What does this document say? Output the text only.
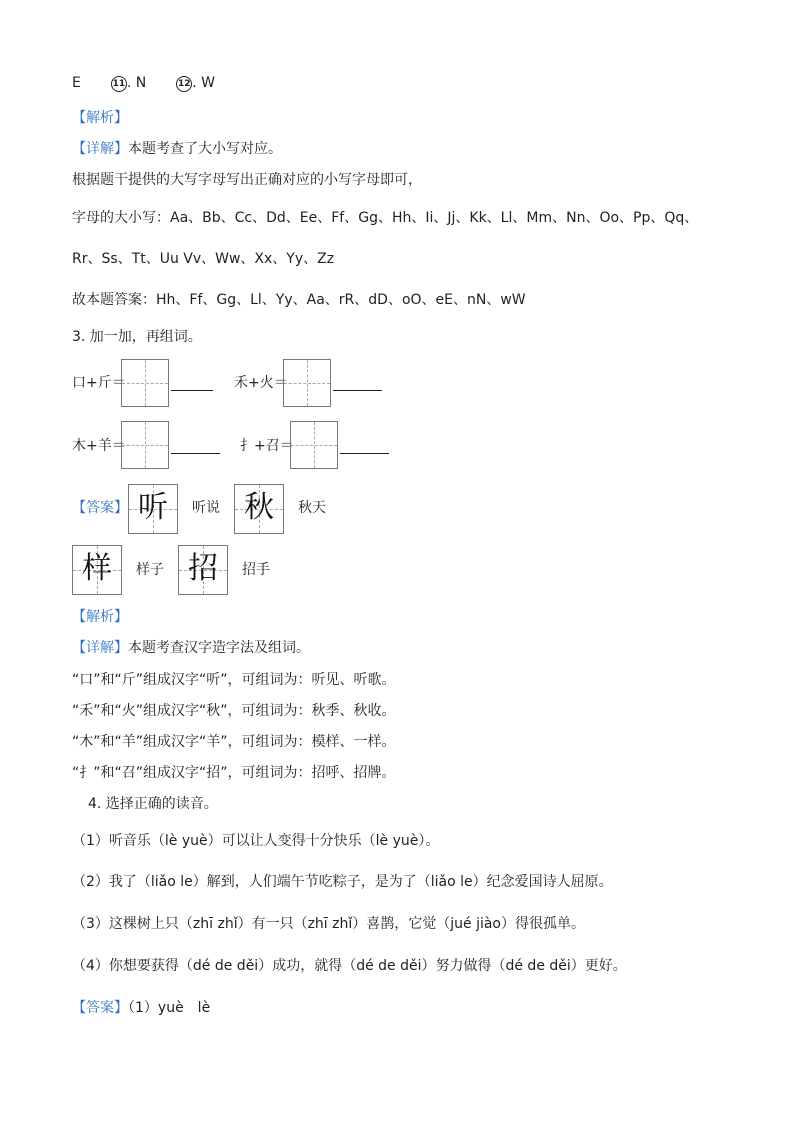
E	11 . N	12 . W
【解析】
【详解】本题考查了大小写对应。
根据题干提供的大写字母写出正确对应的小写字母即可，
字母的大小写：Aa、Bb、Cc、Dd、Ee、Ff、Gg、Hh、Ii、Jj、Kk、Ll、Mm、Nn、Oo、Pp、Qq、
Rr、Ss、Tt、Uu Vv、Ww、Xx、Yy、Zz
故本题答案：Hh、Ff、Gg、Ll、Yy、Aa、rR、dD、oO、eE、nN、wW
3. 加一加，再组词。
口+斤＝	禾+火＝
木+羊＝	扌+召＝
【答案】 听	听说 秋	秋天
样	样子 招	招手
【解析】
【详解】本题考查汉字造字法及组词。
“口”和“斤”组成汉字“听”，可组词为：听见、听歌。
“禾”和“火”组成汉字“秋”，可组词为：秋季、秋收。
“木”和“羊”组成汉字“羊”，可组词为：模样、一样。
“扌”和“召”组成汉字“招”，可组词为：招呼、招牌。
4. 选择正确的读音。
（1）听音乐（lè yuè）可以让人变得十分快乐（lè yuè）。
（2）我了（liǎo le）解到，人们端午节吃粽子，是为了（liǎo le）纪念爱国诗人屈原。
（3）这棵树上只（zhī zhǐ）有一只（zhī zhǐ）喜鹊，它觉（jué jiào）得很孤单。
（4）你想要获得（dé de děi）成功，就得（dé de děi）努力做得（dé de děi）更好。
【答案】（1）yuè　lè
